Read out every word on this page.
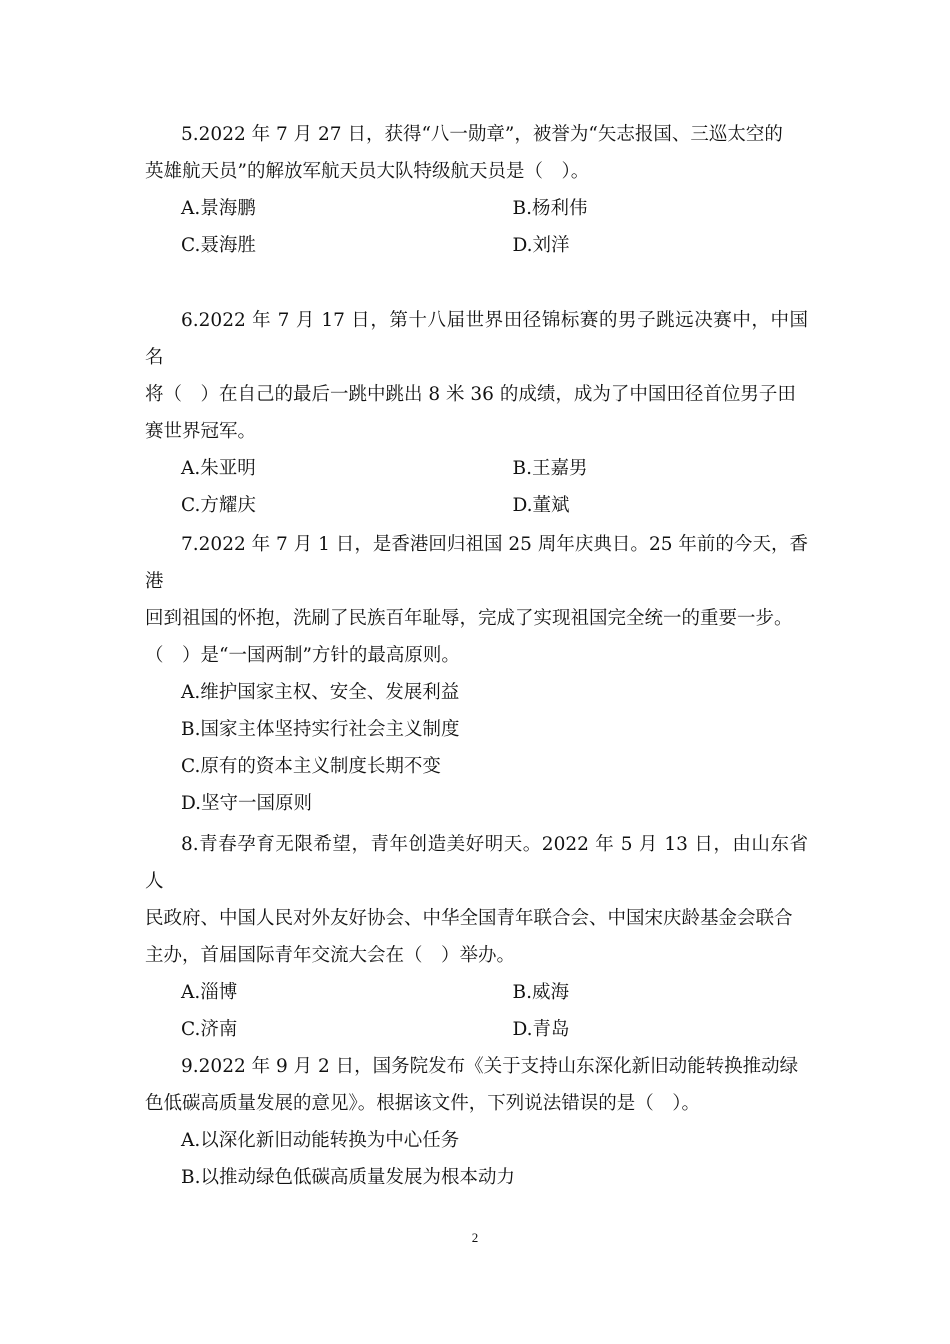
5.2022 年 7 月 27 日，获得“八一勋章”，被誉为“矢志报国、三巡太空的
英雄航天员”的解放军航天员大队特级航天员是（　）。
A.景海鹏	B.杨利伟
C.聂海胜	D.刘洋
6.2022 年 7 月 17 日，第十八届世界田径锦标赛的男子跳远决赛中，中国名
将（　）在自己的最后一跳中跳出 8 米 36 的成绩，成为了中国田径首位男子田
赛世界冠军。
A.朱亚明	B.王嘉男
C.方耀庆	D.董斌
7.2022 年 7 月 1 日，是香港回归祖国 25 周年庆典日。25 年前的今天，香港
回到祖国的怀抱，洗刷了民族百年耻辱，完成了实现祖国完全统一的重要一步。
（　）是“一国两制”方针的最高原则。
A.维护国家主权、安全、发展利益
B.国家主体坚持实行社会主义制度
C.原有的资本主义制度长期不变
D.坚守一国原则
8.青春孕育无限希望，青年创造美好明天。2022 年 5 月 13 日，由山东省人
民政府、中国人民对外友好协会、中华全国青年联合会、中国宋庆龄基金会联合
主办，首届国际青年交流大会在（　）举办。
A.淄博	B.威海
C.济南	D.青岛
9.2022 年 9 月 2 日，国务院发布《关于支持山东深化新旧动能转换推动绿
色低碳高质量发展的意见》。根据该文件，下列说法错误的是（　）。
A.以深化新旧动能转换为中心任务
B.以推动绿色低碳高质量发展为根本动力
2
